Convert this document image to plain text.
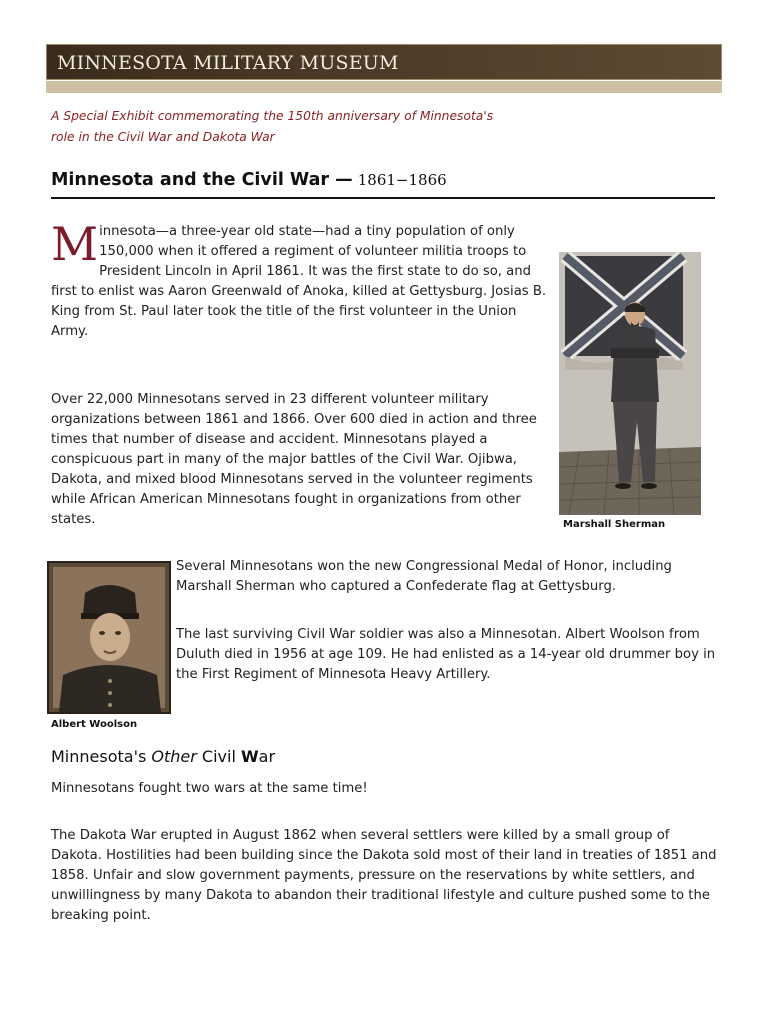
MINNESOTA MILITARY MUSEUM
A Special Exhibit commemorating the 150th anniversary of Minnesota's
role in the Civil War and Dakota War
Minnesota and the Civil War — 1861−1866
Minnesota—a three-year old state—had a tiny population of only 150,000 when it offered a regiment of volunteer militia troops to President Lincoln in April 1861. It was the first state to do so, and first to enlist was Aaron Greenwald of Anoka, killed at Gettysburg. Josias B. King from St. Paul later took the title of the first volunteer in the Union Army.
Marshall Sherman
Over 22,000 Minnesotans served in 23 different volunteer military organizations between 1861 and 1866. Over 600 died in action and three times that number of disease and accident. Minnesotans played a conspicuous part in many of the major battles of the Civil War. Ojibwa, Dakota, and mixed blood Minnesotans served in the volunteer regiments while African American Minnesotans fought in organizations from other states.
Albert Woolson
Several Minnesotans won the new Congressional Medal of Honor, including Marshall Sherman who captured a Confederate flag at Gettysburg.
The last surviving Civil War soldier was also a Minnesotan. Albert Woolson from Duluth died in 1956 at age 109. He had enlisted as a 14-year old drummer boy in the First Regiment of Minnesota Heavy Artillery.
Minnesota's Other Civil War
Minnesotans fought two wars at the same time!
The Dakota War erupted in August 1862 when several settlers were killed by a small group of Dakota. Hostilities had been building since the Dakota sold most of their land in treaties of 1851 and 1858. Unfair and slow government payments, pressure on the reservations by white settlers, and unwillingness by many Dakota to abandon their traditional lifestyle and culture pushed some to the breaking point.
